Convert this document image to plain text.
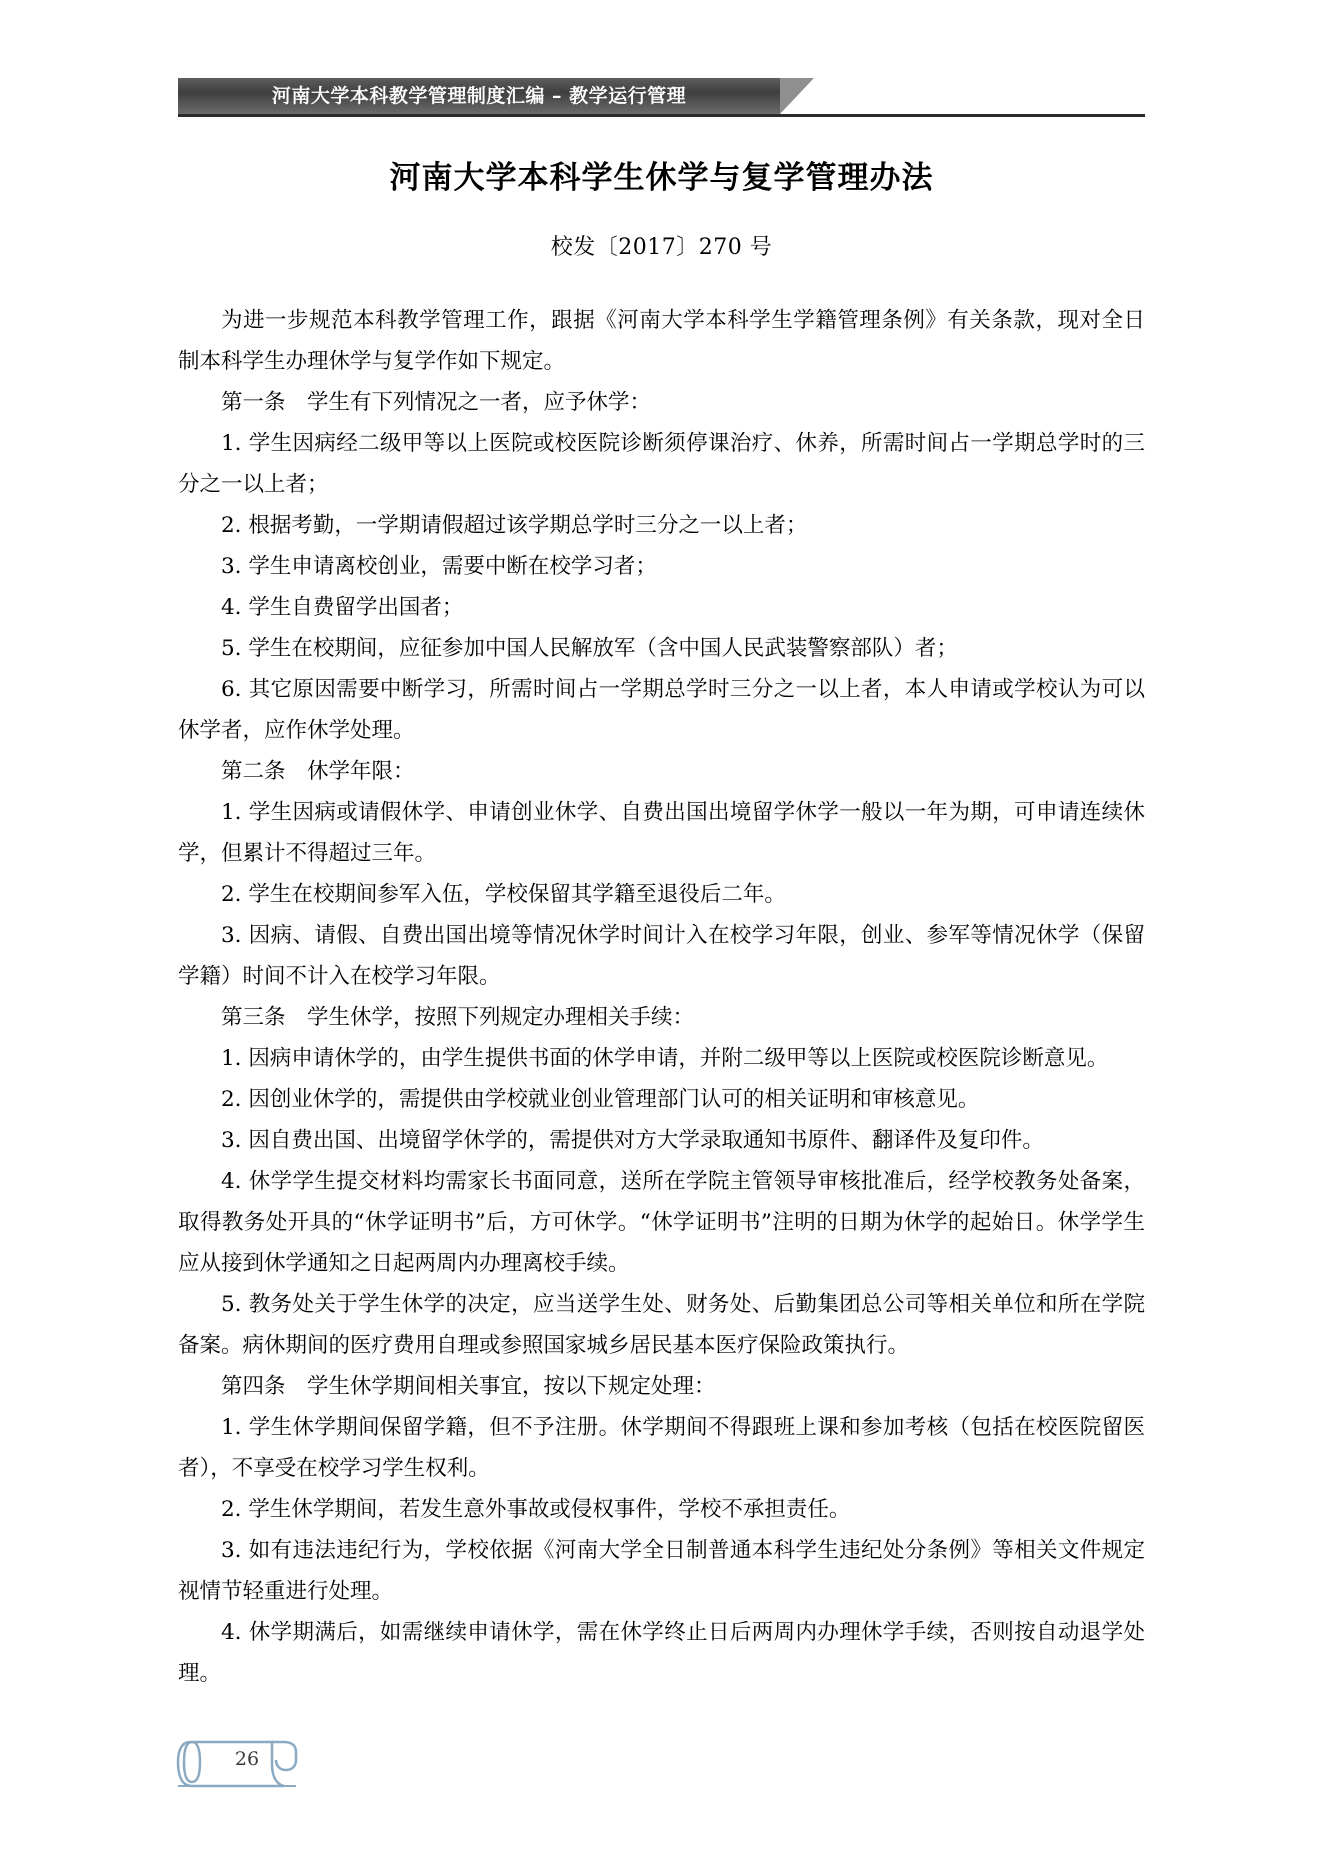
河南大学本科教学管理制度汇编 – 教学运行管理
河南大学本科学生休学与复学管理办法
校发〔2017〕270 号

为进一步规范本科教学管理工作，跟据《河南大学本科学生学籍管理条例》有关条款，现对全日制本科学生办理休学与复学作如下规定。

第一条　学生有下列情况之一者，应予休学：

1. 学生因病经二级甲等以上医院或校医院诊断须停课治疗、休养，所需时间占一学期总学时的三分之一以上者；

2. 根据考勤，一学期请假超过该学期总学时三分之一以上者；

3. 学生申请离校创业，需要中断在校学习者；

4. 学生自费留学出国者；

5. 学生在校期间，应征参加中国人民解放军（含中国人民武装警察部队）者；

6. 其它原因需要中断学习，所需时间占一学期总学时三分之一以上者，本人申请或学校认为可以休学者，应作休学处理。

第二条　休学年限：

1. 学生因病或请假休学、申请创业休学、自费出国出境留学休学一般以一年为期，可申请连续休学，但累计不得超过三年。

2. 学生在校期间参军入伍，学校保留其学籍至退役后二年。

3. 因病、请假、自费出国出境等情况休学时间计入在校学习年限，创业、参军等情况休学（保留学籍）时间不计入在校学习年限。

第三条　学生休学，按照下列规定办理相关手续：

1. 因病申请休学的，由学生提供书面的休学申请，并附二级甲等以上医院或校医院诊断意见。

2. 因创业休学的，需提供由学校就业创业管理部门认可的相关证明和审核意见。

3. 因自费出国、出境留学休学的，需提供对方大学录取通知书原件、翻译件及复印件。

4. 休学学生提交材料均需家长书面同意，送所在学院主管领导审核批准后，经学校教务处备案，取得教务处开具的“休学证明书”后，方可休学。“休学证明书”注明的日期为休学的起始日。休学学生应从接到休学通知之日起两周内办理离校手续。

5. 教务处关于学生休学的决定，应当送学生处、财务处、后勤集团总公司等相关单位和所在学院备案。病休期间的医疗费用自理或参照国家城乡居民基本医疗保险政策执行。

第四条　学生休学期间相关事宜，按以下规定处理：

1. 学生休学期间保留学籍，但不予注册。休学期间不得跟班上课和参加考核（包括在校医院留医者），不享受在校学习学生权利。

2. 学生休学期间，若发生意外事故或侵权事件，学校不承担责任。

3. 如有违法违纪行为，学校依据《河南大学全日制普通本科学生违纪处分条例》等相关文件规定视情节轻重进行处理。

4. 休学期满后，如需继续申请休学，需在休学终止日后两周内办理休学手续，否则按自动退学处理。

26
